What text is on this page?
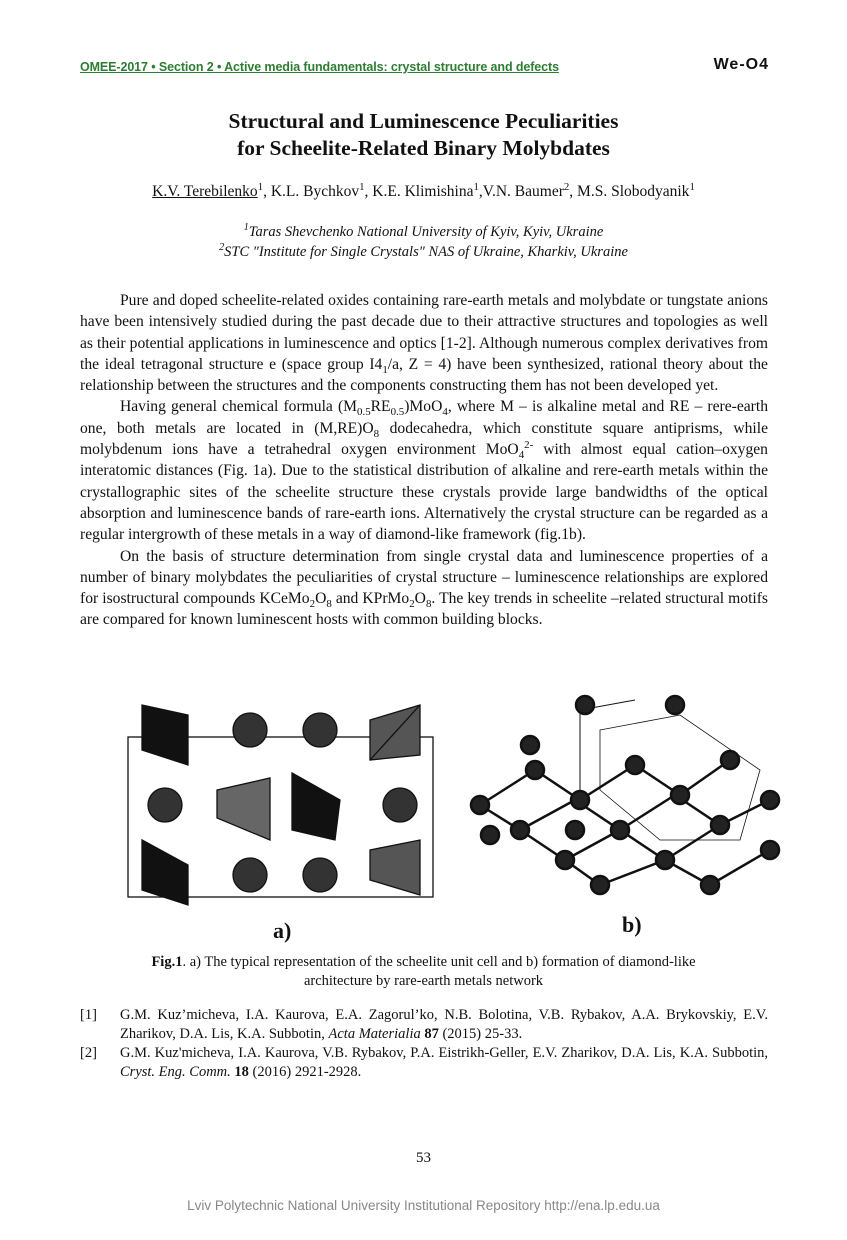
OMEE-2017 • Section 2 • Active media fundamentals: crystal structure and defects	We-O4
Structural and Luminescence Peculiarities
for Scheelite-Related Binary Molybdates
K.V. Terebilenko$^1$, K.L. Bychkov$^1$, K.E. Klimishina$^1$,V.N. Baumer$^2$, M.S. Slobodyanik$^1$
$^1$Taras Shevchenko National University of Kyiv, Kyiv, Ukraine
$^2$STC "Institute for Single Crystals" NAS of Ukraine, Kharkiv, Ukraine

Pure and doped scheelite-related oxides containing rare-earth metals and molybdate or tungstate anions have been intensively studied during the past decade due to their attractive structures and topologies as well as their potential applications in luminescence and optics [1-2]. Although numerous complex derivatives from the ideal tetragonal structure e (space group $I4_1/a$, Z = 4) have been synthesized, rational theory about the relationship between the structures and the components constructing them has not been developed yet.

Having general chemical formula $(M_{0.5}RE_{0.5})MoO_4$, where M – is alkaline metal and RE – rere-earth one, both metals are located in $(M,RE)O_8$ dodecahedra, which constitute square antiprisms, while molybdenum ions have a tetrahedral oxygen environment MoO$_4^{2-}$ with almost equal cation–oxygen interatomic distances (Fig. 1a). Due to the statistical distribution of alkaline and rere-earth metals within the crystallographic sites of the scheelite structure these crystals provide large bandwidths of the optical absorption and luminescence bands of rare-earth ions. Alternatively the crystal structure can be regarded as a regular intergrowth of these metals in a way of diamond-like framework (fig.1b).

On the basis of structure determination from single crystal data and luminescence properties of a number of binary molybdates the peculiarities of crystal structure – luminescence relationships are explored for isostructural compounds $KCeMo_2O_8$ and $KPrMo_2O_8$. The key trends in scheelite –related structural motifs are compared for known luminescent hosts with common building blocks.

a)	b)
Fig.1. a) The typical representation of the scheelite unit cell and b) formation of diamond-like
architecture by rare-earth metals network
[1]	G.M. Kuz’micheva, I.A. Kaurova, E.A. Zagorul’ko, N.B. Bolotina, V.B. Rybakov, A.A. Brykovskiy, E.V. Zharikov, D.A. Lis, K.A. Subbotin, Acta Materialia 87 (2015) 25-33.
[2]	G.M. Kuz'micheva, I.A. Kaurova, V.B. Rybakov, P.A. Eistrikh-Geller, E.V. Zharikov, D.A. Lis, K.A. Subbotin, Cryst. Eng. Comm. 18 (2016) 2921-2928.
53
Lviv Polytechnic National University Institutional Repository http://ena.lp.edu.ua
